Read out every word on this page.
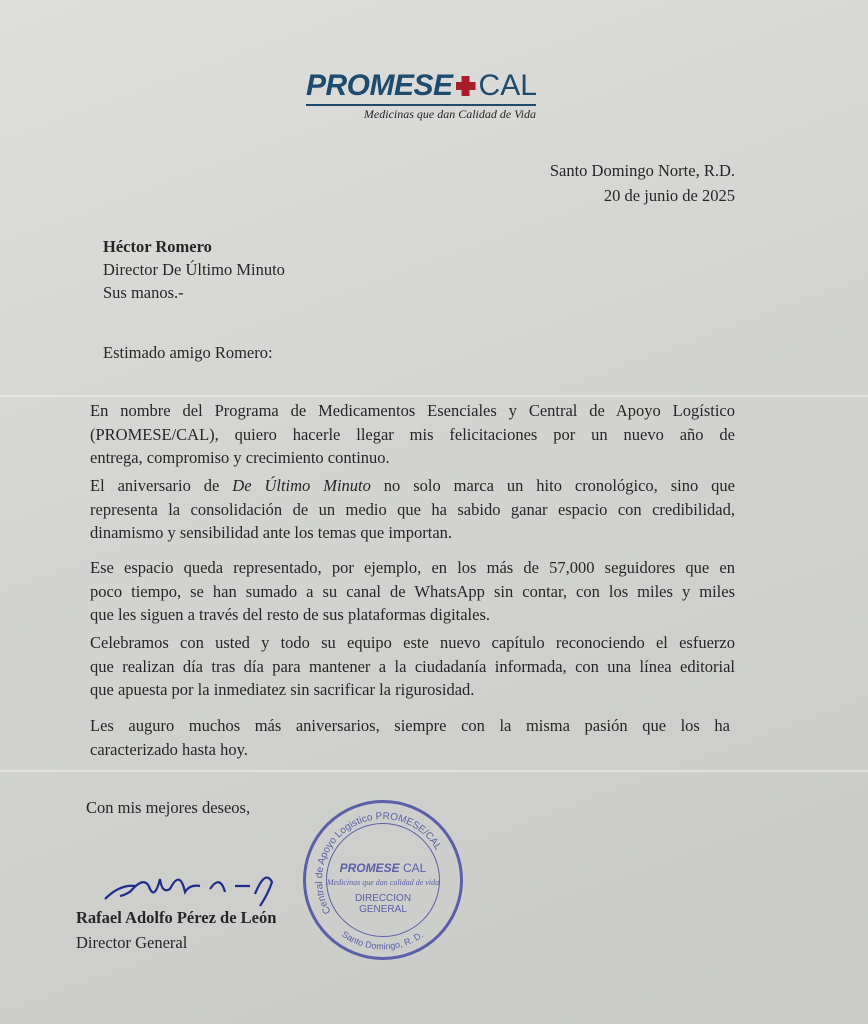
PROMESE CAL
Medicinas que dan Calidad de Vida
Santo Domingo Norte, R.D.
20 de junio de 2025
Héctor Romero
Director De Último Minuto
Sus manos.-
Estimado amigo Romero:
En nombre del Programa de Medicamentos Esenciales y Central de Apoyo Logístico
(PROMESE/CAL), quiero hacerle llegar mis felicitaciones por un nuevo año de
entrega, compromiso y crecimiento continuo.
El aniversario de De Último Minuto no solo marca un hito cronológico, sino que
representa la consolidación de un medio que ha sabido ganar espacio con credibilidad,
dinamismo y sensibilidad ante los temas que importan.
Ese espacio queda representado, por ejemplo, en los más de 57,000 seguidores que en
poco tiempo, se han sumado a su canal de WhatsApp sin contar, con los miles y miles
que les siguen a través del resto de sus plataformas digitales.
Celebramos con usted y todo su equipo este nuevo capítulo reconociendo el esfuerzo
que realizan día tras día para mantener a la ciudadanía informada, con una línea editorial
que apuesta por la inmediatez sin sacrificar la rigurosidad.
Les auguro muchos más aniversarios, siempre con la misma pasión que los ha
caracterizado hasta hoy.
Con mis mejores deseos,
Rafael Adolfo Pérez de León
Director General
Central de Apoyo Logistico PROMESE/CAL
Santo Domingo, R. D.
PROMESE CAL
Medicinas que dan calidad de vida
DIRECCION
GENERAL
